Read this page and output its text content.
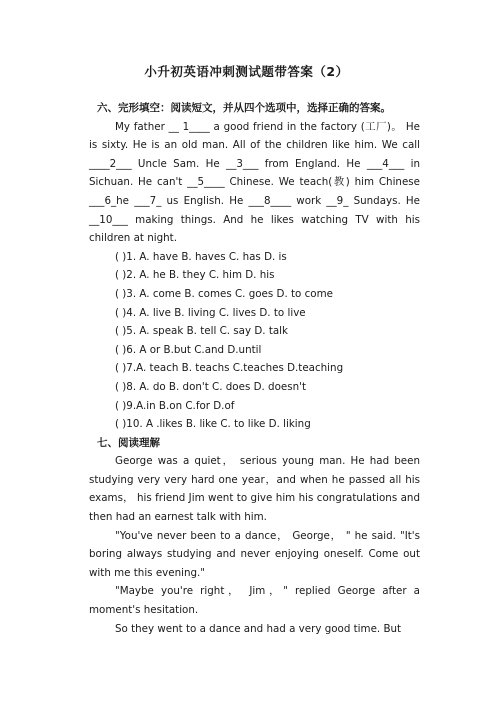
小升初英语冲刺测试题带答案（2）

六、完形填空：阅读短文，并从四个选项中，选择正确的答案。

My father __ 1____ a good friend in the factory (工厂)。 He is sixty. He is an old man. All of the children like him. We call ____2___ Uncle Sam. He __3___ from England. He ___4___ in Sichuan. He can't __5____ Chinese. We teach(教) him Chinese ___6_he ___7_ us English. He ___8____ work __9_ Sundays. He __10___ making things. And he likes watching TV with his children at night.

( )1. A. have B. haves C. has D. is
( )2. A. he B. they C. him D. his
( )3. A. come B. comes C. goes D. to come
( )4. A. live B. living C. lives D. to live
( )5. A. speak B. tell C. say D. talk
( )6. A or B.but C.and D.until
( )7.A. teach B. teachs C.teaches D.teaching
( )8. A. do B. don't C. does D. doesn't
( )9.A.in B.on C.for D.of
( )10. A .likes B. like C. to like D. liking

七、阅读理解

George was a quiet， serious young man. He had been studying very very hard one year，and when he passed all his exams， his friend Jim went to give him his congratulations and then had an earnest talk with him.

"You've never been to a dance， George， " he said. "It's boring always studying and never enjoying oneself. Come out with me this evening."

"Maybe you're right， Jim，" replied George after a moment's hesitation.

So they went to a dance and had a very good time. But
